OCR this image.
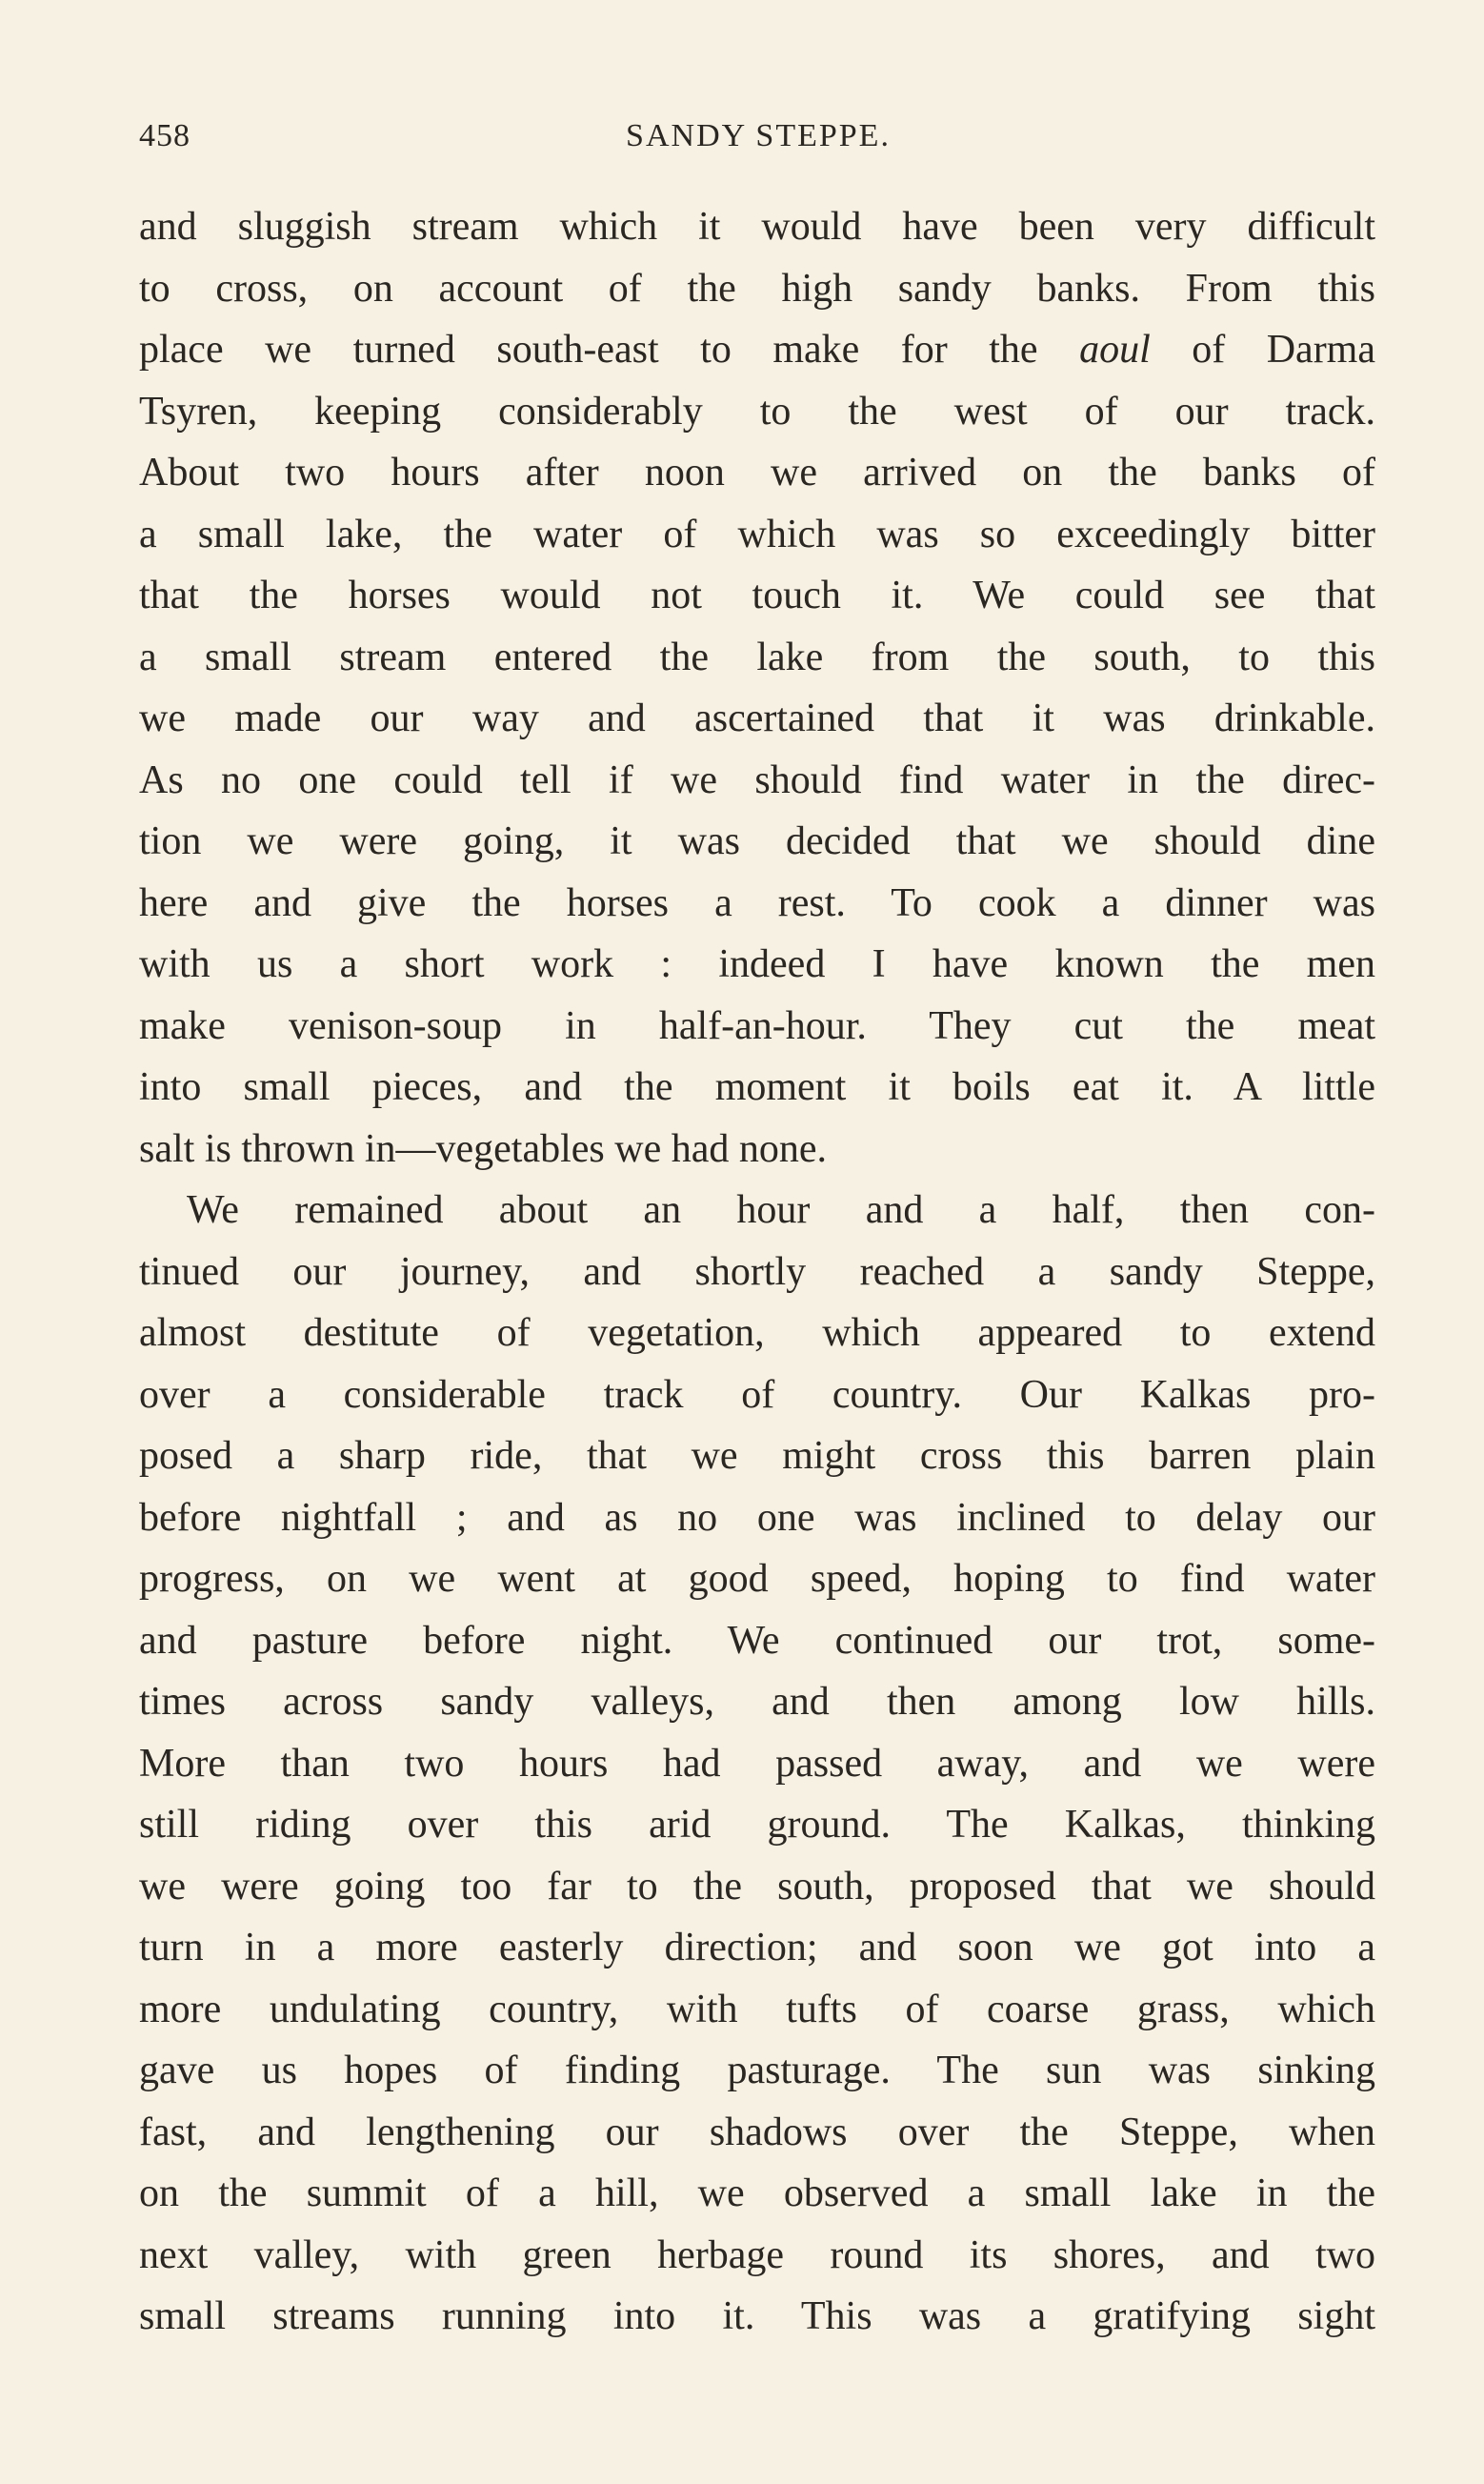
458	SANDY STEPPE.
and sluggish stream which it would have been very difficult
to cross, on account of the high sandy banks. From this
place we turned south-east to make for the aoul of Darma
Tsyren, keeping considerably to the west of our track.
About two hours after noon we arrived on the banks of
a small lake, the water of which was so exceedingly bitter
that the horses would not touch it. We could see that
a small stream entered the lake from the south, to this
we made our way and ascertained that it was drinkable.
As no one could tell if we should find water in the direc-
tion we were going, it was decided that we should dine
here and give the horses a rest. To cook a dinner was
with us a short work : indeed I have known the men
make venison-soup in half-an-hour. They cut the meat
into small pieces, and the moment it boils eat it. A little
salt is thrown in—vegetables we had none.
We remained about an hour and a half, then con-
tinued our journey, and shortly reached a sandy Steppe,
almost destitute of vegetation, which appeared to extend
over a considerable track of country. Our Kalkas pro-
posed a sharp ride, that we might cross this barren plain
before nightfall ; and as no one was inclined to delay our
progress, on we went at good speed, hoping to find water
and pasture before night. We continued our trot, some-
times across sandy valleys, and then among low hills.
More than two hours had passed away, and we were
still riding over this arid ground. The Kalkas, thinking
we were going too far to the south, proposed that we should
turn in a more easterly direction; and soon we got into a
more undulating country, with tufts of coarse grass, which
gave us hopes of finding pasturage. The sun was sinking
fast, and lengthening our shadows over the Steppe, when
on the summit of a hill, we observed a small lake in the
next valley, with green herbage round its shores, and two
small streams running into it. This was a gratifying sight
